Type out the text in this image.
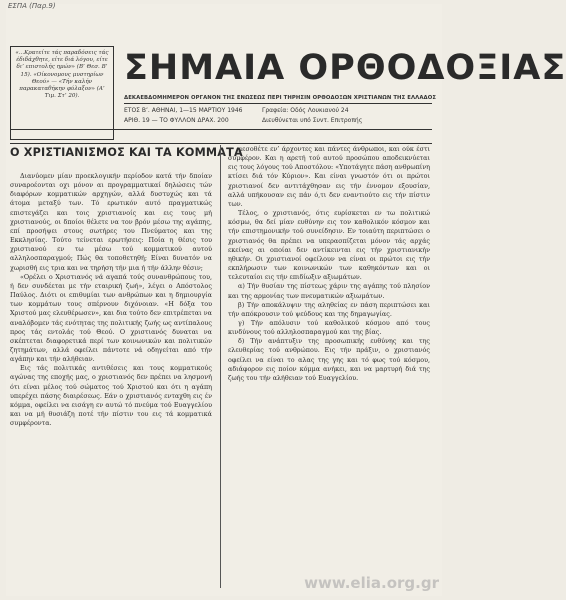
ΕΣΠΑ (Παρ.9)
«...Κρατείτε τάς παραδόσεις τάς έδιδάχθητε, είτε διά λόγου, είτε δι’ επιστολής ημών» (Β’ Θεσ. Β’ 15). «Οίκονομους μυστηρίων Θεού» — «Τήν καλήν παρακαταθήκην φύλαξον» (Α’ Τιμ. Στ’ 20).
ΣΗΜΑΙΑ ΟΡΘΟΔΟΞΙΑΣ
ΔΕΚΑΕΒΔΟΜΗΜΕΡΟΝ ΟΡΓΑΝΟΝ ΤΗΣ ΕΝΩΣΕΩΣ ΠΕΡΙ ΤΗΡΗΣΙΝ ΟΡΘΟΔΟΞΩΝ ΧΡΙΣΤΙΑΝΩΝ ΤΗΣ ΕΛΛΑΔΟΣ
ΕΤΟΣ Β’. ΑΘΗΝΑΙ, 1—15 ΜΑΡΤΙΟΥ 1946
ΑΡΙΘ. 19 — ΤΟ ΦΥΛΛΟΝ ΔΡΑΧ. 200
Γραφεία: Οδός Λουκιανού 24
Διευθύνεται υπό Συντ. Επιτροπής
Ο ΧΡΙΣΤΙΑΝΙΣΜΟΣ ΚΑΙ ΤΑ ΚΟΜΜΑΤΑ

Διανύομεν μίαν προεκλογικήν περίοδον κατά τήν δποίαν συναροέονται οχι μόνον αι προγραμματικαί δηλώσεις τών διαφόρων κομματικών αρχηγών, αλλά δυστυχώς και τά άτομα μεταξύ των. Τό ερωτικόν αυτό πραγματικώς επιστεγάζει και τοις χριστιανοίς και εις τους μή χριστιανούς, οι δποίοι θέλετε να τον βρόν μέσω της αγάπης, επί προσήψει στους σωτήρες του Πνεύματος και της Εκκλησίας. Τούτο τείνεται ερωτήσεις: Ποία η θέσις του χριστιανού εν τω μέσω τού κομματικού αυτού αλληλοσπαραγμού; Πώς θα τοποθετηθή; Είναι δυνατόν να χωρισθή εις τρια και να τηρήση τήν μια ή τήν άλλην θέσιν;

«Ορέλει ο Χριστιανός νά αγαπά τούς συνανθρώπους του, ή δεν συνδέεται με τήν εταιρική ζωή», λέγει ο Απόστολος Παύλος. Διότι οι επιθυμίαι των ανθρώπων και η δημιουργία των κομμάτων τους σπέρνουν διχόνοιαν. «Η δόξα του Χριστού μας ελευθέρωσεν», και δια τούτο δεν επιτρέπεται να αναλόβομεν τάς ενότητας της πολιτικής ζωής ως αντίπαλους προς τάς εντολάς τού Θεού. Ο χριστιανός δυναται να σκέπτεται διαφορετικά περί των κοινωνικών και πολιτικών ζητημάτων, αλλά οφείλει πάντοτε νά οδηγείται από τήν αγάπην και τήν αλήθειαν.

Εις τάς πολιτικάς αντιθέσεις και τους κομματικούς αγώνας της εποχής μας, ο χριστιανός δεν πρέπει να λησμονή ότι είναι μέλος τού σώματος τού Χριστού και ότι η αγάπη υπερέχει πάσης διαιρέσεως. Εάν ο χριστιανός ενταχθη εις έν κόμμα, οφείλει να εισάγη εν αυτώ τό πνεύμα τού Ευαγγελίου και να μή θυσιάζη ποτέ τήν πίστιν του εις τά κομματικά συμφέροντα.

μεσοθέτε εν’ άρχοντες και πάντες άνθρωποι, και ούκ έστι συμφέρον. Και η αρετή τού αυτού προσώπου αποδεικνύεται εις τους λόγους τού Αποστόλου: «Υποτάγητε πάση ανθρωπίνη κτίσει διά τόν Κύριον». Και είναι γνωστόν ότι οι πρώτοι χριστιανοί δεν αντιτάχθησαν εις τήν έννομον εξουσίαν, αλλά υπήκουσαν εις πάν ό,τι δεν εναντιούτο εις τήν πίστιν των.

Τέλος, ο χριστιανός, ότις ευρίσκεται εν τω πολιτικώ κόσμω, θα δεί μίαν ευθύνην εις τον καθολικόν κόσμον και τήν επιστημονικήν τού συνείδησιν. Εν τοιαύτη περιπτώσει ο χριστιανός θα πρέπει να υπερασπίζεται μόνον τάς αρχάς εκείνας αι οποίαι δεν αντίκεινται εις τήν χριστιανικήν ηθικήν. Οι χριστιανοί οφείλουν να είναι οι πρώτοι εις τήν εκπλήρωσιν των κοινωνικών των καθηκόντων και οι τελευταίοι εις τήν επιδίωξιν αξιωμάτων.

α) Τήν θυσίαν της πίστεως χάριν της αγάπης τού πλησίον και της αρμονίας των πνευματικών αξιωμάτων.

β) Τήν αποκάλυψιν της αληθείας εν πάση περιπτώσει και τήν απόκρουσιν τού ψεύδους και της δημαγωγίας.

γ) Τήν απόλυσιν τού καθολικού κόσμου από τους κινδύνους τού αλληλοσπαραγμού και της βίας.

δ) Τήν ανάπτυξιν της προσωπικής ευθύνης και της ελευθερίας τού ανθρώπου. Εις τήν πράξιν, ο χριστιανός οφείλει να είναι το αλας της γης και τό φως τού κόσμου, αδιάφορον εις ποίον κόμμα ανήκει, και να μαρτυρή διά της ζωής του τήν αλήθειαν τού Ευαγγελίου.

www.elia.org.gr
